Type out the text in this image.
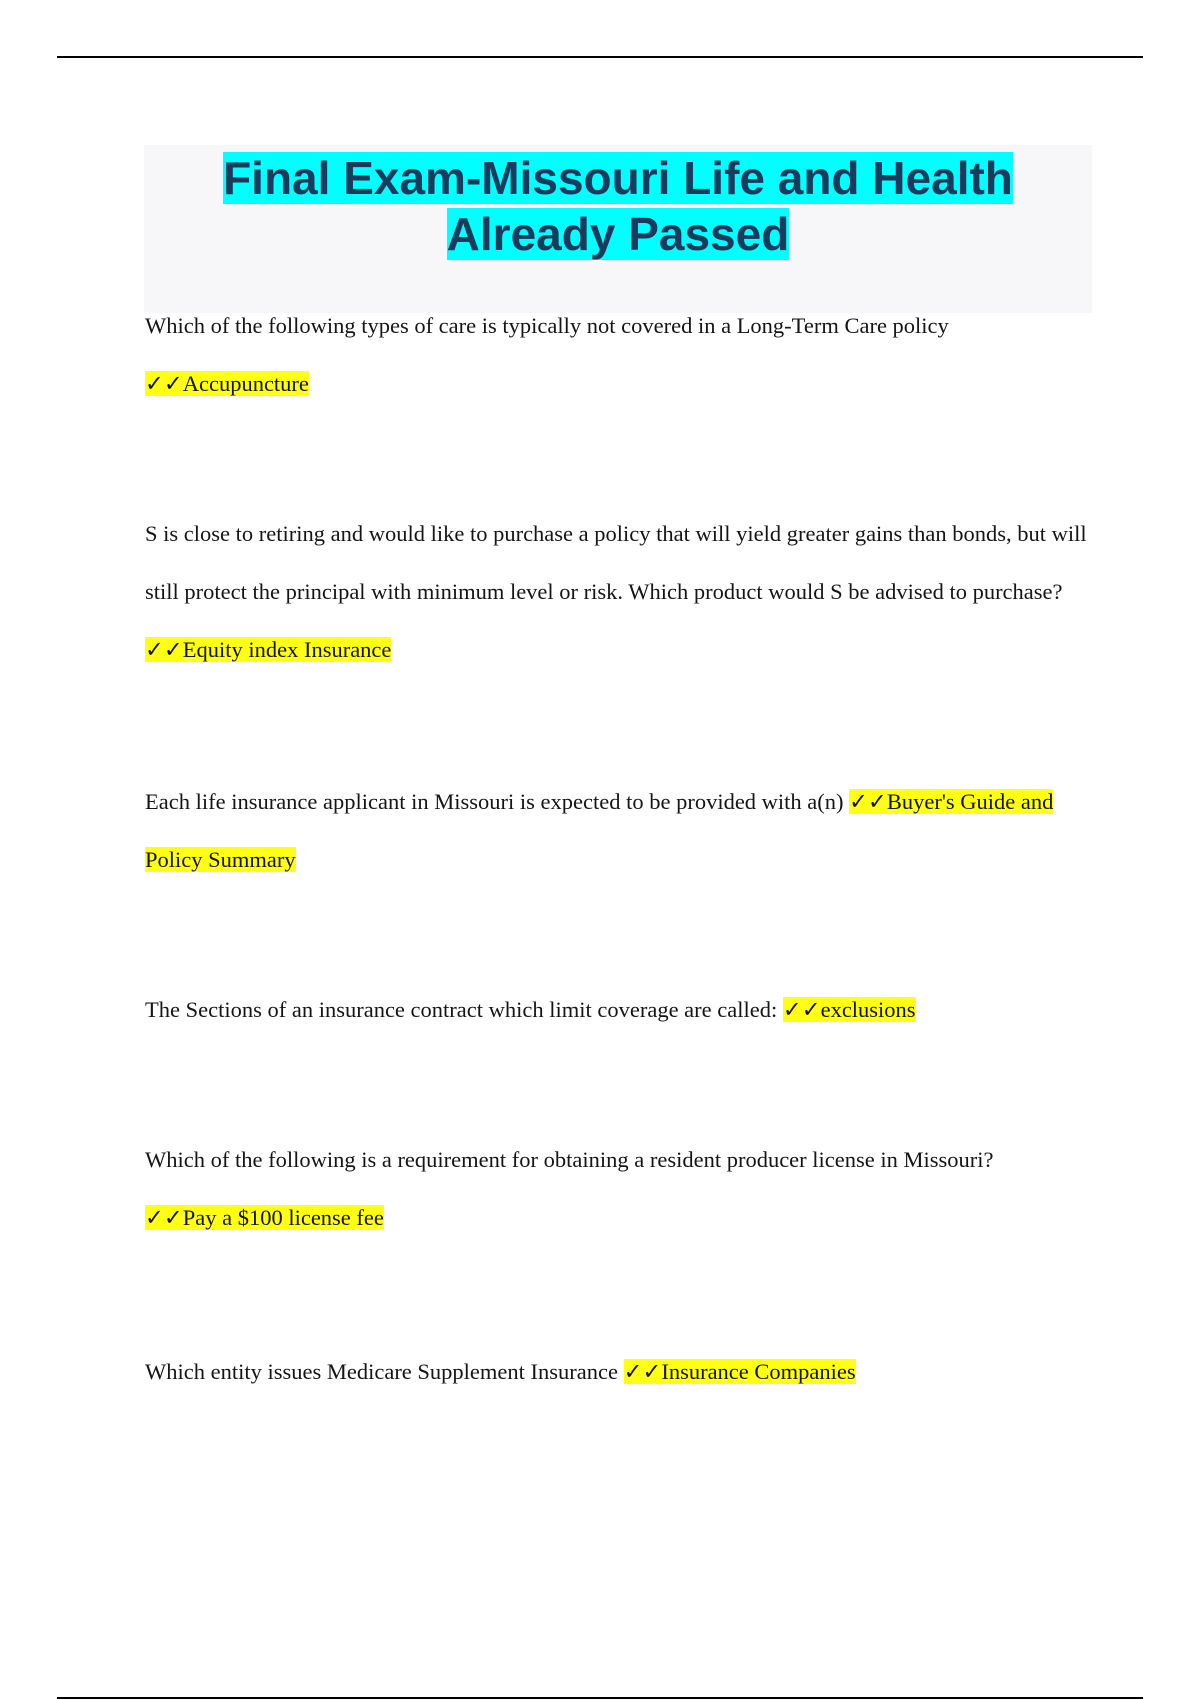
Final Exam-Missouri Life and Health Already Passed
Which of the following types of care is typically not covered in a Long-Term Care policy
✓✓Accupuncture
S is close to retiring and would like to purchase a policy that will yield greater gains than bonds, but will still protect the principal with minimum level or risk. Which product would S be advised to purchase? ✓✓Equity index Insurance
Each life insurance applicant in Missouri is expected to be provided with a(n) ✓✓Buyer's Guide and Policy Summary
The Sections of an insurance contract which limit coverage are called: ✓✓exclusions
Which of the following is a requirement for obtaining a resident producer license in Missouri?
✓✓Pay a $100 license fee
Which entity issues Medicare Supplement Insurance ✓✓Insurance Companies
